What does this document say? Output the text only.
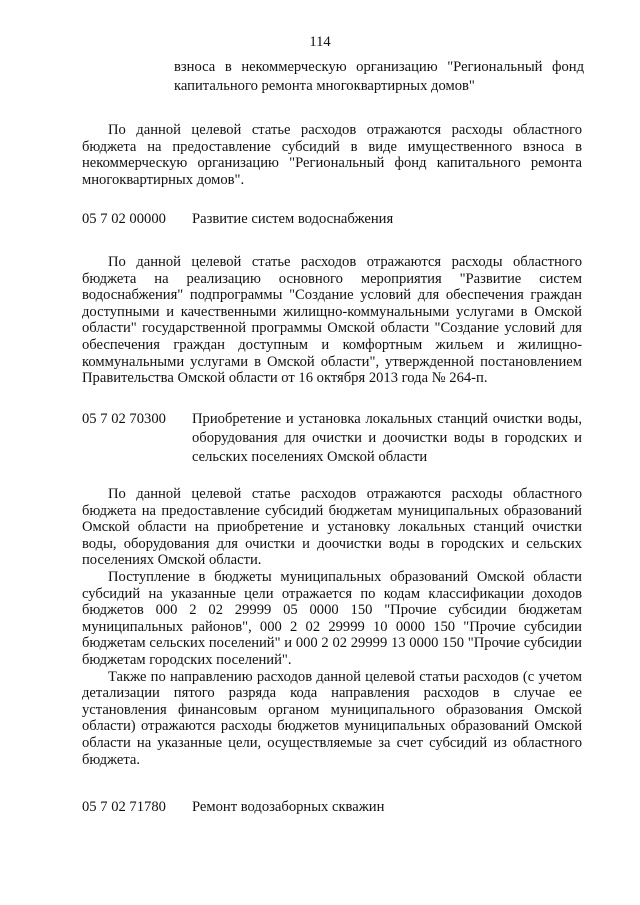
114
взноса в некоммерческую организацию "Региональный фонд капитального ремонта многоквартирных домов"

По данной целевой статье расходов отражаются расходы областного бюджета на предоставление субсидий в виде имущественного взноса в некоммерческую организацию "Региональный фонд капитального ремонта многоквартирных домов".

05 7 02 00000 Развитие систем водоснабжения

По данной целевой статье расходов отражаются расходы областного бюджета на реализацию основного мероприятия "Развитие систем водоснабжения" подпрограммы "Создание условий для обеспечения граждан доступными и качественными жилищно-коммунальными услугами в Омской области" государственной программы Омской области "Создание условий для обеспечения граждан доступным и комфортным жильем и жилищно-коммунальными услугами в Омской области", утвержденной постановлением Правительства Омской области от 16 октября 2013 года № 264-п.

05 7 02 70300 Приобретение и установка локальных станций очистки воды, оборудования для очистки и доочистки воды в городских и сельских поселениях Омской области

По данной целевой статье расходов отражаются расходы областного бюджета на предоставление субсидий бюджетам муниципальных образований Омской области на приобретение и установку локальных станций очистки воды, оборудования для очистки и доочистки воды в городских и сельских поселениях Омской области.

Поступление в бюджеты муниципальных образований Омской области субсидий на указанные цели отражается по кодам классификации доходов бюджетов 000 2 02 29999 05 0000 150 "Прочие субсидии бюджетам муниципальных районов", 000 2 02 29999 10 0000 150 "Прочие субсидии бюджетам сельских поселений" и 000 2 02 29999 13 0000 150 "Прочие субсидии бюджетам городских поселений".

Также по направлению расходов данной целевой статьи расходов (с учетом детализации пятого разряда кода направления расходов в случае ее установления финансовым органом муниципального образования Омской области) отражаются расходы бюджетов муниципальных образований Омской области на указанные цели, осуществляемые за счет субсидий из областного бюджета.

05 7 02 71780 Ремонт водозаборных скважин
